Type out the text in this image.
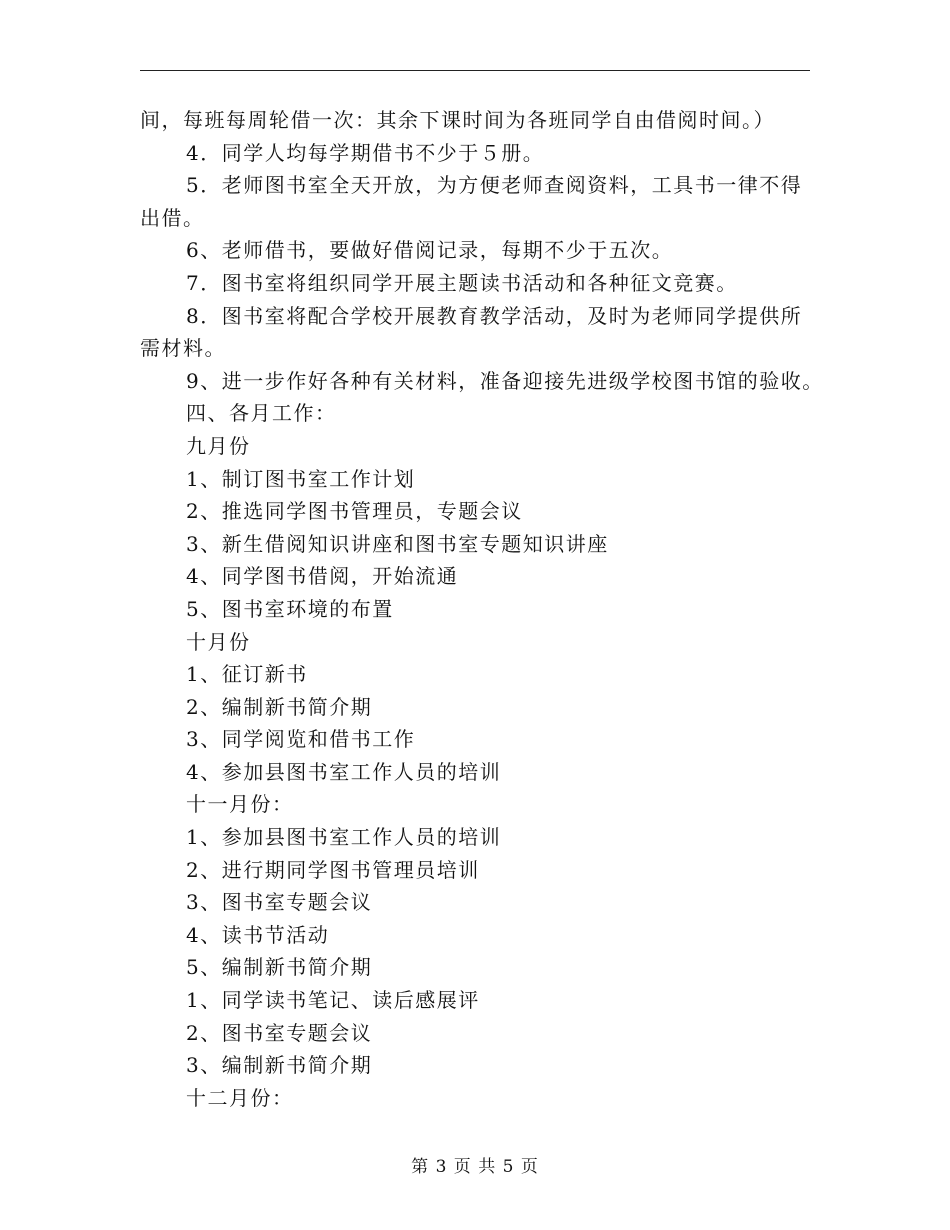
间，每班每周轮借一次：其余下课时间为各班同学自由借阅时间。）

4．同学人均每学期借书不少于５册。

5．老师图书室全天开放，为方便老师查阅资料，工具书一律不得

出借。

6、老师借书，要做好借阅记录，每期不少于五次。

7．图书室将组织同学开展主题读书活动和各种征文竞赛。

8．图书室将配合学校开展教育教学活动，及时为老师同学提供所

需材料。

9、进一步作好各种有关材料，准备迎接先进级学校图书馆的验收。

四、各月工作：

九月份

1、制订图书室工作计划

2、推选同学图书管理员，专题会议

3、新生借阅知识讲座和图书室专题知识讲座

4、同学图书借阅，开始流通

5、图书室环境的布置

十月份

1、征订新书

2、编制新书简介期

3、同学阅览和借书工作

4、参加县图书室工作人员的培训

十一月份：

1、参加县图书室工作人员的培训

2、进行期同学图书管理员培训

3、图书室专题会议

4、读书节活动

5、编制新书简介期

1、同学读书笔记、读后感展评

2、图书室专题会议

3、编制新书简介期

十二月份：

第 3 页 共 5 页
